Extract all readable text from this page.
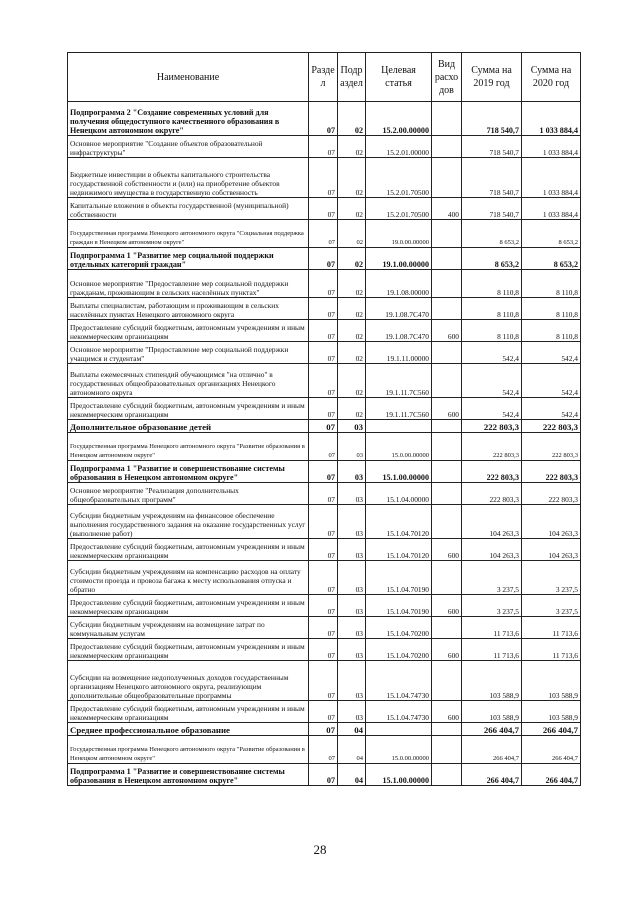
Наименование	Разде л	Подр аздел	Целевая статья	Вид расхо дов	Сумма на 2019 год	Сумма на 2020 год
Подпрограмма 2 "Создание современных условий для получения общедоступного качественного образования в Ненецком автономном округе"	07	02	15.2.00.00000		718 540,7	1 033 884,4
Основное мероприятие "Создание объектов образовательной инфраструктуры"	07	02	15.2.01.00000		718 540,7	1 033 884,4
Бюджетные инвестиции в объекты капитального строительства государственной собственности и (или) на приобретение объектов недвижимого имущества в государственную собственность	07	02	15.2.01.70500		718 540,7	1 033 884,4
Капитальные вложения в объекты государственной (муниципальной) собственности	07	02	15.2.01.70500	400	718 540,7	1 033 884,4
Государственная программа Ненецкого автономного округа "Социальная поддержка граждан в Ненецком автономном округе"	07	02	19.0.00.00000		8 653,2	8 653,2
Подпрограмма 1 "Развитие мер социальной поддержки отдельных категорий граждан"	07	02	19.1.00.00000		8 653,2	8 653,2
Основное мероприятие "Предоставление мер социальной поддержки гражданам, проживающим в сельских населённых пунктах"	07	02	19.1.08.00000		8 110,8	8 110,8
Выплаты специалистам, работающим и проживающим в сельских населённых пунктах Ненецкого автономного округа	07	02	19.1.08.7С470		8 110,8	8 110,8
Предоставление субсидий бюджетным, автономным учреждениям и иным некоммерческим организациям	07	02	19.1.08.7С470	600	8 110,8	8 110,8
Основное мероприятие "Предоставление мер социальной поддержки учащимся и студентам"	07	02	19.1.11.00000		542,4	542,4
Выплаты ежемесячных стипендий обучающимся "на отлично" в государственных общеобразовательных организациях Ненецкого автономного округа	07	02	19.1.11.7С560		542,4	542,4
Предоставление субсидий бюджетным, автономным учреждениям и иным некоммерческим организациям	07	02	19.1.11.7С560	600	542,4	542,4
Дополнительное образование детей	07	03			222 803,3	222 803,3
Государственная программа Ненецкого автономного округа "Развитие образования в Ненецком автономном округе"	07	03	15.0.00.00000		222 803,3	222 803,3
Подпрограмма 1 "Развитие и совершенствование системы образования в Ненецком автономном округе"	07	03	15.1.00.00000		222 803,3	222 803,3
Основное мероприятие "Реализация дополнительных общеобразовательных программ"	07	03	15.1.04.00000		222 803,3	222 803,3
Субсидии бюджетным учреждениям на финансовое обеспечение выполнения государственного задания на оказание государственных услуг (выполнение работ)	07	03	15.1.04.70120		104 263,3	104 263,3
Предоставление субсидий бюджетным, автономным учреждениям и иным некоммерческим организациям	07	03	15.1.04.70120	600	104 263,3	104 263,3
Субсидии бюджетным учреждениям на компенсацию расходов на оплату стоимости проезда и провоза багажа к месту использования отпуска и обратно	07	03	15.1.04.70190		3 237,5	3 237,5
Предоставление субсидий бюджетным, автономным учреждениям и иным некоммерческим организациям	07	03	15.1.04.70190	600	3 237,5	3 237,5
Субсидии бюджетным учреждениям на возмещение затрат по коммунальным услугам	07	03	15.1.04.70200		11 713,6	11 713,6
Предоставление субсидий бюджетным, автономным учреждениям и иным некоммерческим организациям	07	03	15.1.04.70200	600	11 713,6	11 713,6
Субсидии на возмещение недополученных доходов государственным организациям Ненецкого автономного округа, реализующим дополнительные общеобразовательные программы	07	03	15.1.04.74730		103 588,9	103 588,9
Предоставление субсидий бюджетным, автономным учреждениям и иным некоммерческим организациям	07	03	15.1.04.74730	600	103 588,9	103 588,9
Среднее профессиональное образование	07	04			266 404,7	266 404,7
Государственная программа Ненецкого автономного округа "Развитие образования в Ненецком автономном округе"	07	04	15.0.00.00000		266 404,7	266 404,7
Подпрограмма 1 "Развитие и совершенствование системы образования в Ненецком автономном округе"	07	04	15.1.00.00000		266 404,7	266 404,7
28
